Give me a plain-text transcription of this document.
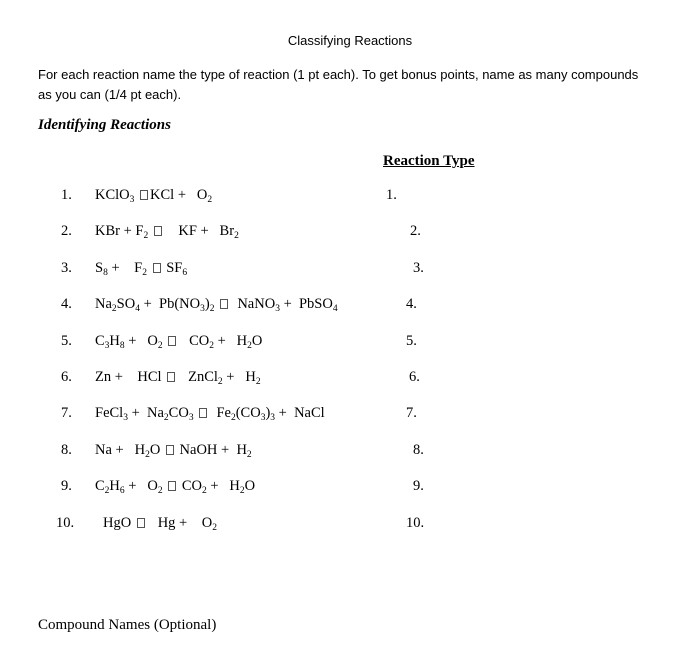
Classifying Reactions
For each reaction name the type of reaction (1 pt each). To get bonus points, name as many compounds as you can (1/4 pt each).
Identifying Reactions
Reaction Type
1. KClO$_3$ KCl +   $O_2$	1.
2. KBr + $F_2$     KF +   $Br_2$	2.
3. $S_8$ +    $F_2$  $SF_6$	3.
4. $Na_2SO_4 + Pb(NO_3)_2$   NaNO$_3$ +  PbSO$_4$	4.
5. $C_3H_8 + O_2$    $CO_2 + H_2O$	5.
6. Zn +    HCl    ZnCl$_2$ +   $H_2$	6.
7. FeCl$_3$ +  $Na_2CO_3$   $Fe_2(CO_3)_3$ +  NaCl	7.
8. $Na + H_2O$  NaOH +  $H_2$	8.
9. $C_2H_6 + O_2$  $CO_2 + H_2O$	9.
10. HgO    Hg +    $O_2$	10.
Compound Names (Optional)
